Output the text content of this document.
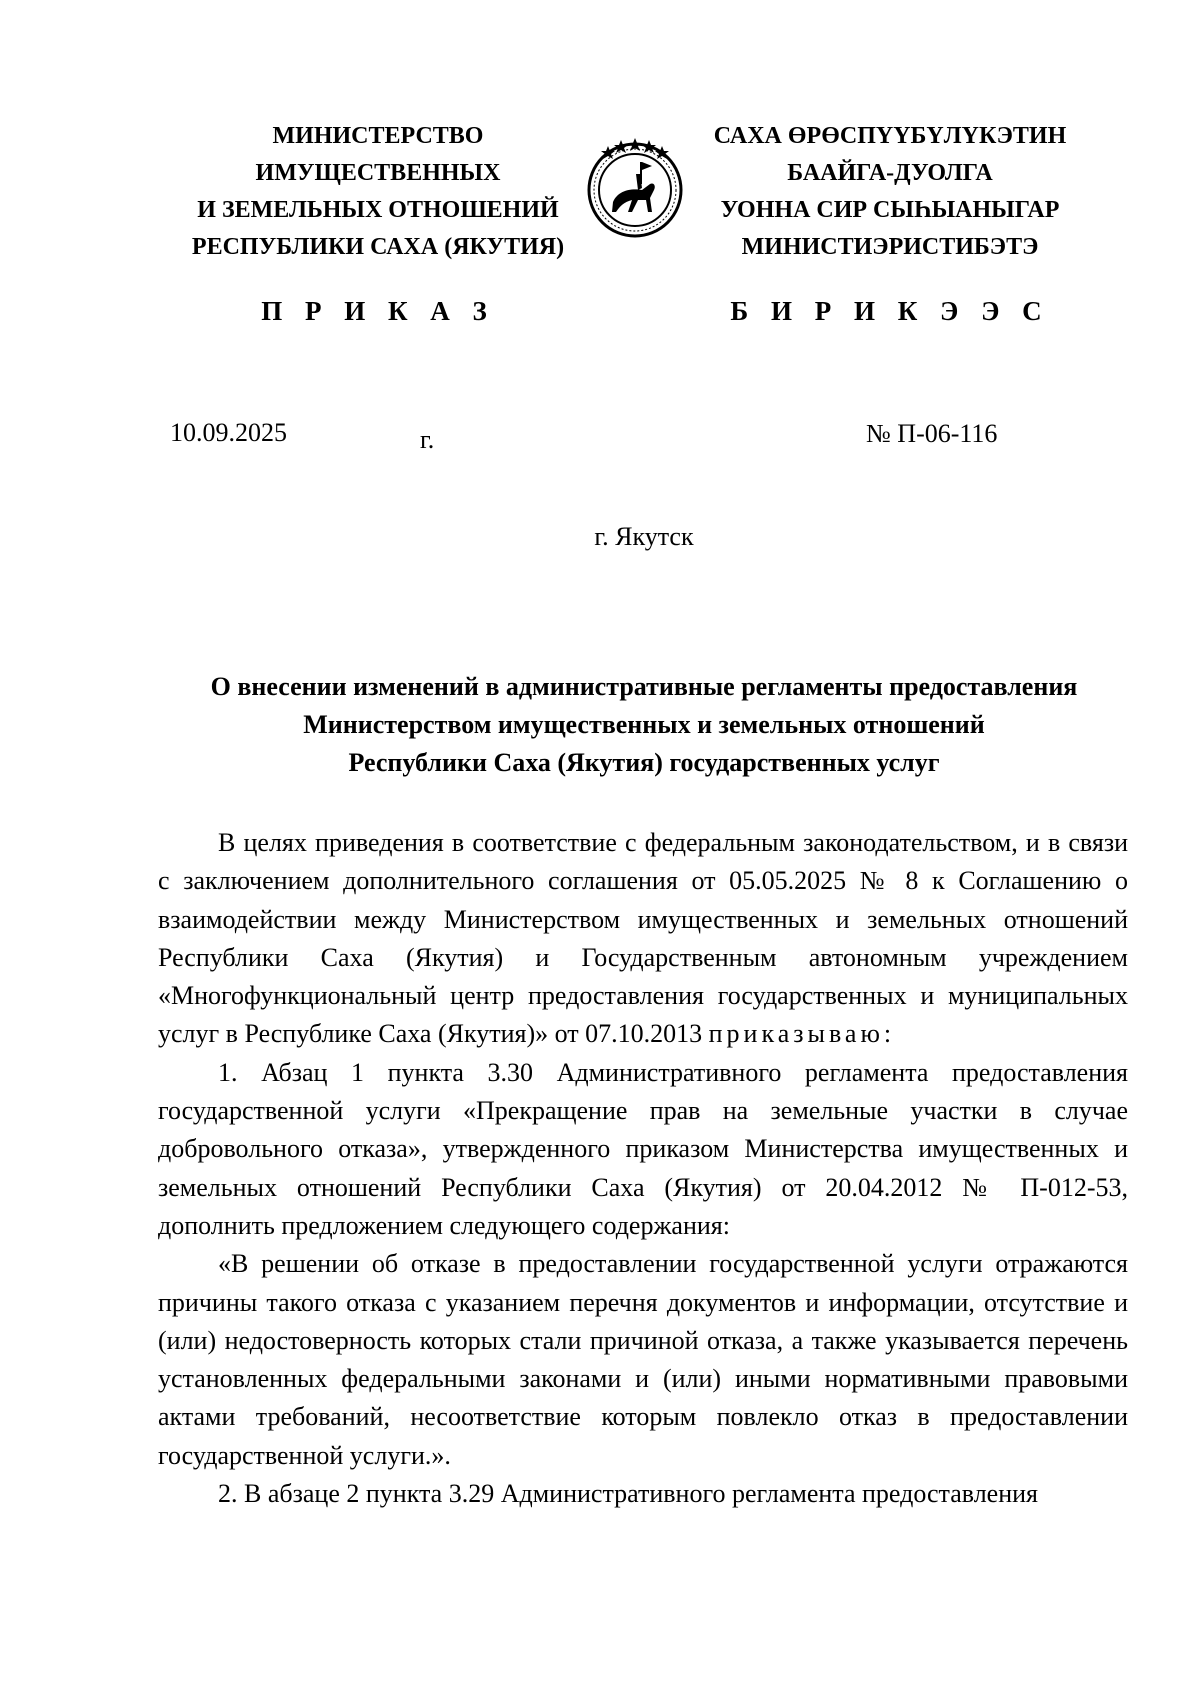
МИНИСТЕРСТВО
ИМУЩЕСТВЕННЫХ
И ЗЕМЕЛЬНЫХ ОТНОШЕНИЙ
РЕСПУБЛИКИ САХА (ЯКУТИЯ)
САХА ӨРӨСПҮҮБҮЛҮКЭТИН
БААЙГА-ДУОЛГА
УОННА СИР СЫҺЫАНЫГАР
МИНИСТИЭРИСТИБЭТЭ
П Р И К А З	Б И Р И К Э Э С
10.09.2025	г.	№ П-06-116
г. Якутск
О внесении изменений в административные регламенты предоставления
Министерством имущественных и земельных отношений
Республики Саха (Якутия) государственных услуг

В целях приведения в соответствие с федеральным законодательством, и в связи с заключением дополнительного соглашения от 05.05.2025 № 8 к Соглашению о взаимодействии между Министерством имущественных и земельных отношений Республики Саха (Якутия) и Государственным автономным учреждением «Многофункциональный центр предоставления государственных и муниципальных услуг в Республике Саха (Якутия)» от 07.10.2013 приказываю:

1. Абзац 1 пункта 3.30 Административного регламента предоставления государственной услуги «Прекращение прав на земельные участки в случае добровольного отказа», утвержденного приказом Министерства имущественных и земельных отношений Республики Саха (Якутия) от 20.04.2012 № П-012-53, дополнить предложением следующего содержания:

«В решении об отказе в предоставлении государственной услуги отражаются причины такого отказа с указанием перечня документов и информации, отсутствие и (или) недостоверность которых стали причиной отказа, а также указывается перечень установленных федеральными законами и (или) иными нормативными правовыми актами требований, несоответствие которым повлекло отказ в предоставлении государственной услуги.».

2. В абзаце 2 пункта 3.29 Административного регламента предоставления
